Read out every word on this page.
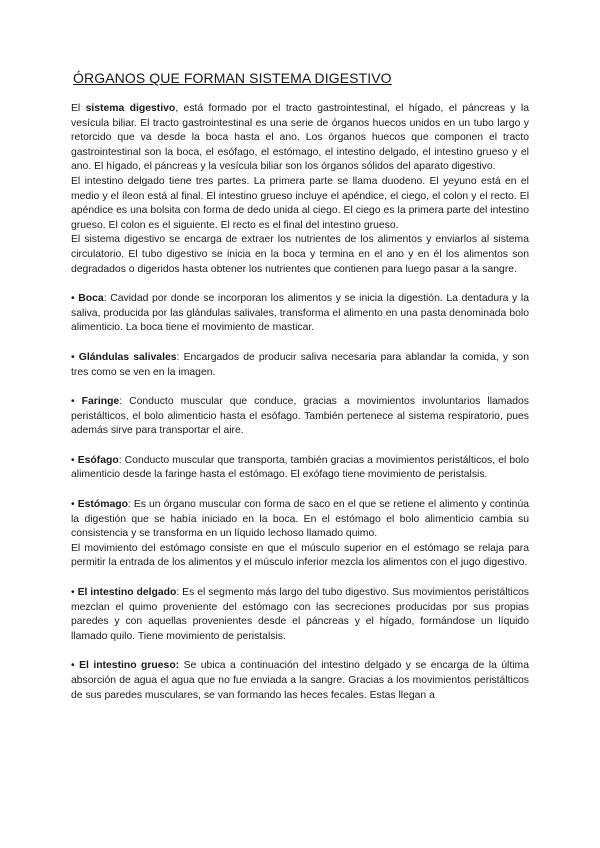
ÓRGANOS QUE FORMAN SISTEMA DIGESTIVO

El sistema digestivo, está formado por el tracto gastrointestinal, el hígado, el páncreas y la vesícula biliar. El tracto gastrointestinal es una serie de órganos huecos unidos en un tubo largo y retorcido que va desde la boca hasta el ano. Los órganos huecos que componen el tracto gastrointestinal son la boca, el esófago, el estómago, el intestino delgado, el intestino grueso y el ano. El hígado, el páncreas y la vesícula biliar son los órganos sólidos del aparato digestivo.

El intestino delgado tiene tres partes. La primera parte se llama duodeno. El yeyuno está en el medio y el íleon está al final. El intestino grueso incluye el apéndice, el ciego, el colon y el recto. El apéndice es una bolsita con forma de dedo unida al ciego. El ciego es la primera parte del intestino grueso. El colon es el siguiente. El recto es el final del intestino grueso.

El sistema digestivo se encarga de extraer los nutrientes de los alimentos y enviarlos al sistema circulatorio. El tubo digestivo se inicia en la boca y termina en el ano y en él los alimentos son degradados o digeridos hasta obtener los nutrientes que contienen para luego pasar a la sangre.

• Boca: Cavidad por donde se incorporan los alimentos y se inicia la digestión. La dentadura y la saliva, producida por las glándulas salivales, transforma el alimento en una pasta denominada bolo alimenticio. La boca tiene el movimiento de masticar.

• Glándulas salivales: Encargados de producir saliva necesaria para ablandar la comida, y son tres como se ven en la imagen.

• Faringe: Conducto muscular que conduce, gracias a movimientos involuntarios llamados peristálticos, el bolo alimenticio hasta el esófago. También pertenece al sistema respiratorio, pues además sirve para transportar el aire.

• Esófago: Conducto muscular que transporta, también gracias a movimientos peristálticos, el bolo alimenticio desde la faringe hasta el estómago. El exófago tiene movimiento de peristalsis.

• Estómago: Es un órgano muscular con forma de saco en el que se retiene el alimento y continúa la digestión que se había iniciado en la boca. En el estómago el bolo alimenticio cambia su consistencia y se transforma en un líquido lechoso llamado quimo.

El movimiento del estómago consiste en que el músculo superior en el estómago se relaja para permitir la entrada de los alimentos y el músculo inferior mezcla los alimentos con el jugo digestivo.

• El intestino delgado: Es el segmento más largo del tubo digestivo. Sus movimientos peristálticos mezclan el quimo proveniente del estómago con las secreciones producidas por sus propias paredes y con aquellas provenientes desde el páncreas y el hígado, formándose un líquido llamado quilo. Tiene movimiento de peristalsis.

• El intestino grueso: Se ubica a continuación del intestino delgado y se encarga de la última absorción de agua el agua que no fue enviada a la sangre. Gracias a los movimientos peristálticos de sus paredes musculares, se van formando las heces fecales. Estas llegan a
